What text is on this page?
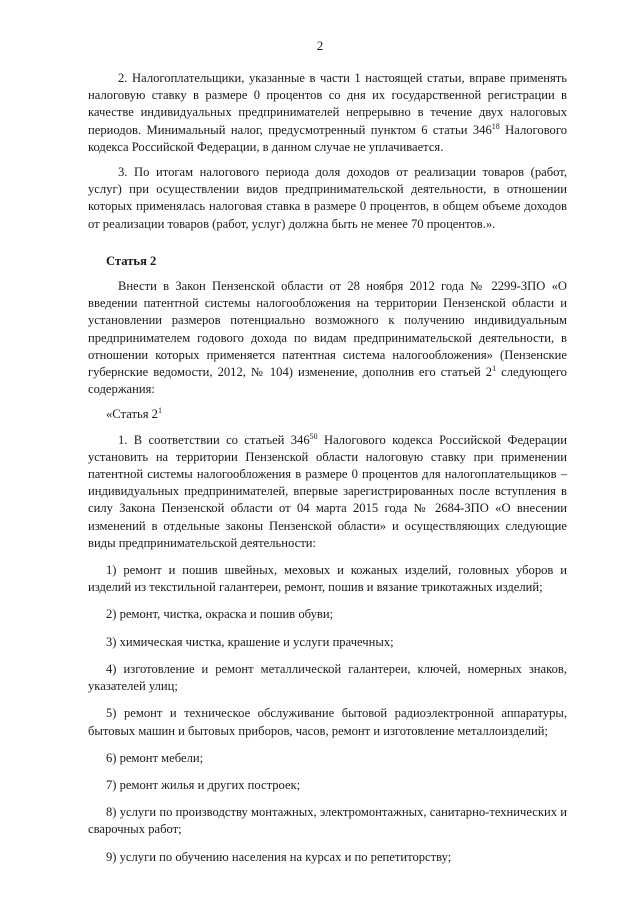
2

2. Налогоплательщики, указанные в части 1 настоящей статьи, вправе применять налоговую ставку в размере 0 процентов со дня их государственной регистрации в качестве индивидуальных предпринимателей непрерывно в течение двух налоговых периодов. Минимальный налог, предусмотренный пунктом 6 статьи $346^{18}$ Налогового кодекса Российской Федерации, в данном случае не уплачивается.

3. По итогам налогового периода доля доходов от реализации товаров (работ, услуг) при осуществлении видов предпринимательской деятельности, в отношении которых применялась налоговая ставка в размере 0 процентов, в общем объеме доходов от реализации товаров (работ, услуг) должна быть не менее 70 процентов.».

Статья 2

Внести в Закон Пензенской области от 28 ноября 2012 года № 2299-ЗПО «О введении патентной системы налогообложения на территории Пензенской области и установлении размеров потенциально возможного к получению индивидуальным предпринимателем годового дохода по видам предпринимательской деятельности, в отношении которых применяется патентная система налогообложения» (Пензенские губернские ведомости, 2012, № 104) изменение, дополнив его статьей $2^1$ следующего содержания:

«Статья $2^1$

1. В соответствии со статьей $346^{50}$ Налогового кодекса Российской Федерации установить на территории Пензенской области налоговую ставку при применении патентной системы налогообложения в размере 0 процентов для налогоплательщиков – индивидуальных предпринимателей, впервые зарегистрированных после вступления в силу Закона Пензенской области от 04 марта 2015 года № 2684-ЗПО «О внесении изменений в отдельные законы Пензенской области» и осуществляющих следующие виды предпринимательской деятельности:

1) ремонт и пошив швейных, меховых и кожаных изделий, головных уборов и изделий из текстильной галантереи, ремонт, пошив и вязание трикотажных изделий;

2) ремонт, чистка, окраска и пошив обуви;

3) химическая чистка, крашение и услуги прачечных;

4) изготовление и ремонт металлической галантереи, ключей, номерных знаков, указателей улиц;

5) ремонт и техническое обслуживание бытовой радиоэлектронной аппаратуры, бытовых машин и бытовых приборов, часов, ремонт и изготовление металлоизделий;

6) ремонт мебели;

7) ремонт жилья и других построек;

8) услуги по производству монтажных, электромонтажных, санитарно-технических и сварочных работ;

9) услуги по обучению населения на курсах и по репетиторству;
